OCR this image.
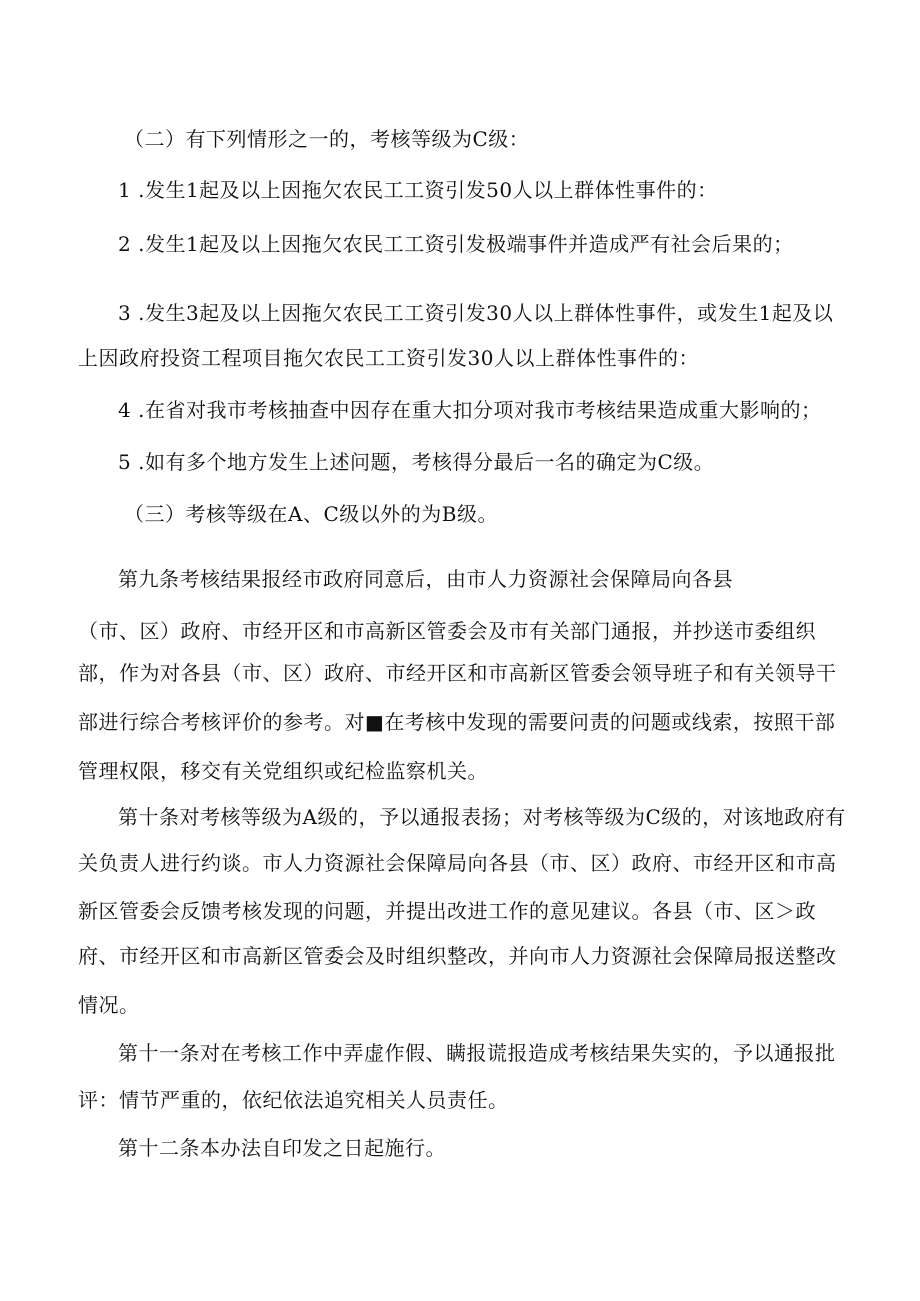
（二）有下列情形之一的，考核等级为C级：
1 .发生1起及以上因拖欠农民工工资引发50人以上群体性事件的：
2 .发生1起及以上因拖欠农民工工资引发极端事件并造成严有社会后果的；
3 .发生3起及以上因拖欠农民工工资引发30人以上群体性事件，或发生1起及以
上因政府投资工程项目拖欠农民工工资引发30人以上群体性事件的：
4 .在省对我市考核抽查中因存在重大扣分项对我市考核结果造成重大影响的；
5 .如有多个地方发生上述问题，考核得分最后一名的确定为C级。
（三）考核等级在A、C级以外的为B级。
第九条考核结果报经市政府同意后，由市人力资源社会保障局向各县
（市、区）政府、市经开区和市高新区管委会及市有关部门通报，并抄送市委组织
部，作为对各县（市、区）政府、市经开区和市高新区管委会领导班子和有关领导干
部进行综合考核评价的参考。对■在考核中发现的需要问责的问题或线索，按照干部
管理权限，移交有关党组织或纪检监察机关。
第十条对考核等级为A级的，予以通报表扬；对考核等级为C级的，对该地政府有
关负责人进行约谈。市人力资源社会保障局向各县（市、区）政府、市经开区和市高
新区管委会反馈考核发现的问题，并提出改进工作的意见建议。各县（市、区＞政
府、市经开区和市高新区管委会及时组织整改，并向市人力资源社会保障局报送整改
情况。
第十一条对在考核工作中弄虚作假、瞒报谎报造成考核结果失实的，予以通报批
评：情节严重的，依纪依法追究相关人员责任。
第十二条本办法自印发之日起施行。
